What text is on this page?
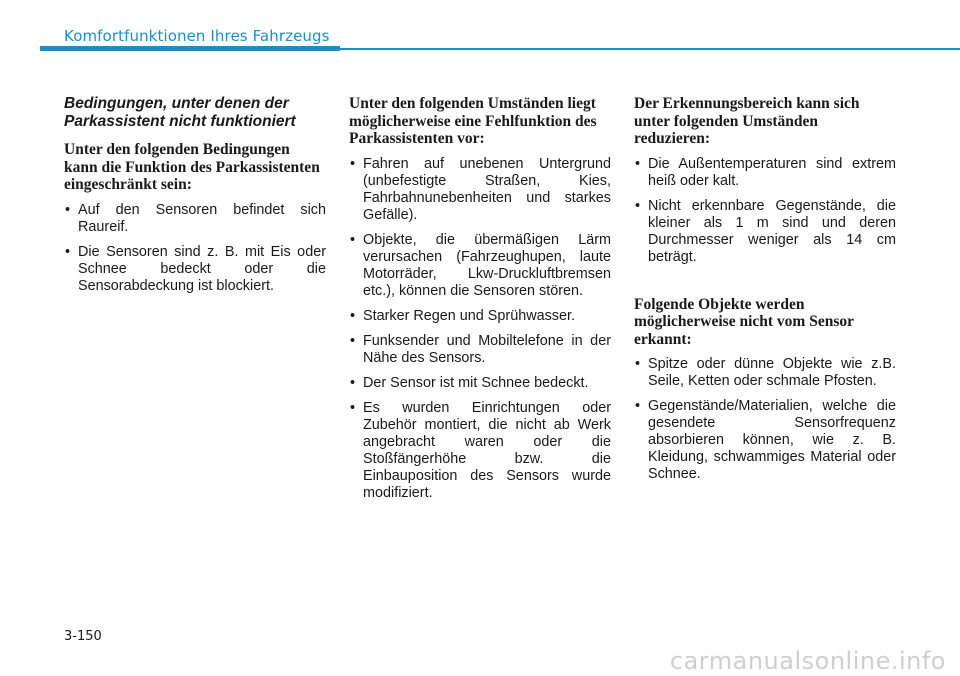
Komfortfunktionen Ihres Fahrzeugs
Bedingungen, unter denen der Parkassistent nicht funktioniert
Unter den folgenden Bedingungen kann die Funktion des Parkassistenten eingeschränkt sein:
• Auf den Sensoren befindet sich Raureif.
• Die Sensoren sind z. B. mit Eis oder Schnee bedeckt oder die Sensorabdeckung ist blockiert.
Unter den folgenden Umständen liegt möglicherweise eine Fehlfunktion des Parkassistenten vor:
• Fahren auf unebenen Untergrund (unbefestigte Straßen, Kies, Fahrbahnunebenheiten und starkes Gefälle).
• Objekte, die übermäßigen Lärm verursachen (Fahrzeughupen, laute Motorräder, Lkw-Druckluftbremsen etc.), können die Sensoren stören.
• Starker Regen und Sprühwasser.
• Funksender und Mobiltelefone in der Nähe des Sensors.
• Der Sensor ist mit Schnee bedeckt.
• Es wurden Einrichtungen oder Zubehör montiert, die nicht ab Werk angebracht waren oder die Stoßfängerhöhe bzw. die Einbauposition des Sensors wurde modifiziert.
Der Erkennungsbereich kann sich unter folgenden Umständen reduzieren:
• Die Außentemperaturen sind extrem heiß oder kalt.
• Nicht erkennbare Gegenstände, die kleiner als 1 m sind und deren Durchmesser weniger als 14 cm beträgt.
Folgende Objekte werden möglicherweise nicht vom Sensor erkannt:
• Spitze oder dünne Objekte wie z.B. Seile, Ketten oder schmale Pfosten.
• Gegenstände/Materialien, welche die gesendete Sensorfrequenz absorbieren können, wie z. B. Kleidung, schwammiges Material oder Schnee.
3-150
carmanualsonline.info
